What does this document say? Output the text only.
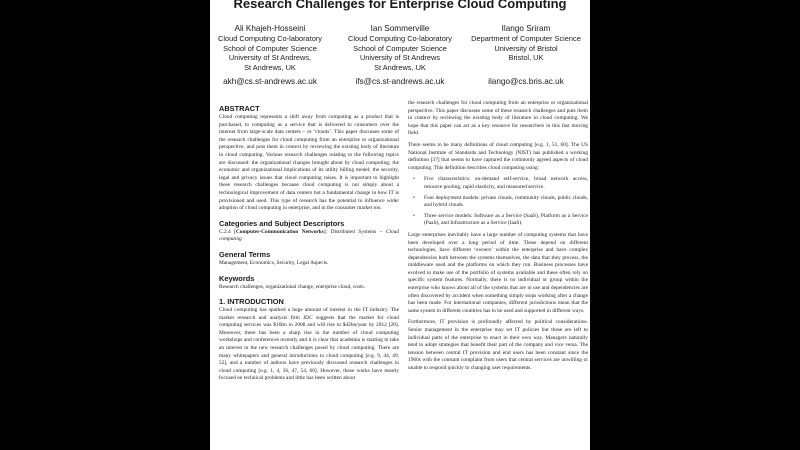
Research Challenges for Enterprise Cloud Computing
Ali Khajeh-Hosseini
Cloud Computing Co-laboratory
School of Computer Science
University of St Andrews,
St Andrews, UK
akh@cs.st-andrews.ac.uk
Ian Sommerville
Cloud Computing Co-laboratory
School of Computer Science
University of St Andrews
St Andrews, UK
ifs@cs.st-andrews.ac.uk
Ilango Sriram
Department of Computer Science
University of Bristol
Bristol, UK
ilango@cs.bris.ac.uk
ABSTRACT

Cloud computing represents a shift away from computing as a product that is purchased, to computing as a service that is delivered to consumers over the internet from large-scale data centers – or ‘clouds’. This paper discusses some of the research challenges for cloud computing from an enterprise or organizational perspective, and puts them in context by reviewing the existing body of literature in cloud computing. Various research challenges relating to the following topics are discussed: the organizational changes brought about by cloud computing; the economic and organizational implications of its utility billing model; the security, legal and privacy issues that cloud computing raises. It is important to highlight these research challenges because cloud computing is not simply about a technological improvement of data centers but a fundamental change in how IT is provisioned and used. This type of research has the potential to influence wider adoption of cloud computing in enterprise, and in the consumer market too.

Categories and Subject Descriptors

C.2.4 [Computer-Communication Networks]: Distributed Systems – Cloud computing

General Terms

Management, Economics, Security, Legal Aspects.

Keywords

Research challenges, organizational change, enterprise cloud, costs.

1. INTRODUCTION

Cloud computing has sparked a huge amount of interest in the IT industry. The market research and analysis firm IDC suggests that the market for cloud computing services was $16bn in 2008 and will rise to $42bn/year by 2012 [20]. Moreover, there has been a sharp rise in the number of cloud computing workshops and conferences recently and it is clear that academia is starting to take an interest in the new research challenges posed by cloud computing. There are many whitepapers and general introductions to cloud computing [e.g. 9, 44, 49, 52], and a number of authors have previously discussed research challenges in cloud computing [e.g. 1, 4, 36, 47, 54, 60]. However, these works have mostly focused on technical problems and little has been written about

the research challenges for cloud computing from an enterprise or organizational perspective. This paper discusses some of these research challenges and puts them in context by reviewing the existing body of literature in cloud computing. We hope that this paper can act as a key resource for researchers in this fast moving field.

There seems to be many definitions of cloud computing [e.g. 1, 51, 60]. The US National Institute of Standards and Technology (NIST) has published a working definition [37] that seems to have captured the commonly agreed aspects of cloud computing. This definition describes cloud computing using:

• Five characteristics: on-demand self-service, broad network access, resource pooling, rapid elasticity, and measured service.
• Four deployment models: private clouds, community clouds, public clouds, and hybrid clouds.
• Three service models: Software as a Service (SaaS), Platform as a Service (PaaS), and Infrastructure as a Service (IaaS).

Large enterprises inevitably have a large number of computing systems that have been developed over a long period of time. These depend on different technologies, have different ‘owners’ within the enterprise and have complex dependencies both between the systems themselves, the data that they process, the middleware used and the platforms on which they run. Business processes have evolved to make use of the portfolio of systems available and these often rely on specific system features. Normally, there is no individual or group within the enterprise who knows about all of the systems that are in use and dependencies are often discovered by accident when something simply stops working after a change has been made. For international companies, different jurisdictions mean that the same system in different countries has to be used and supported in different ways.

Furthermore, IT provision is profoundly affected by political considerations. Senior management in the enterprise may set IT policies but these are left to individual parts of the enterprise to enact in their own way. Managers naturally tend to adopt strategies that benefit their part of the company and vice versa. The tension between central IT provision and end users has been constant since the 1960s with the constant complaint from users that central services are unwilling or unable to respond quickly to changing user requirements.
